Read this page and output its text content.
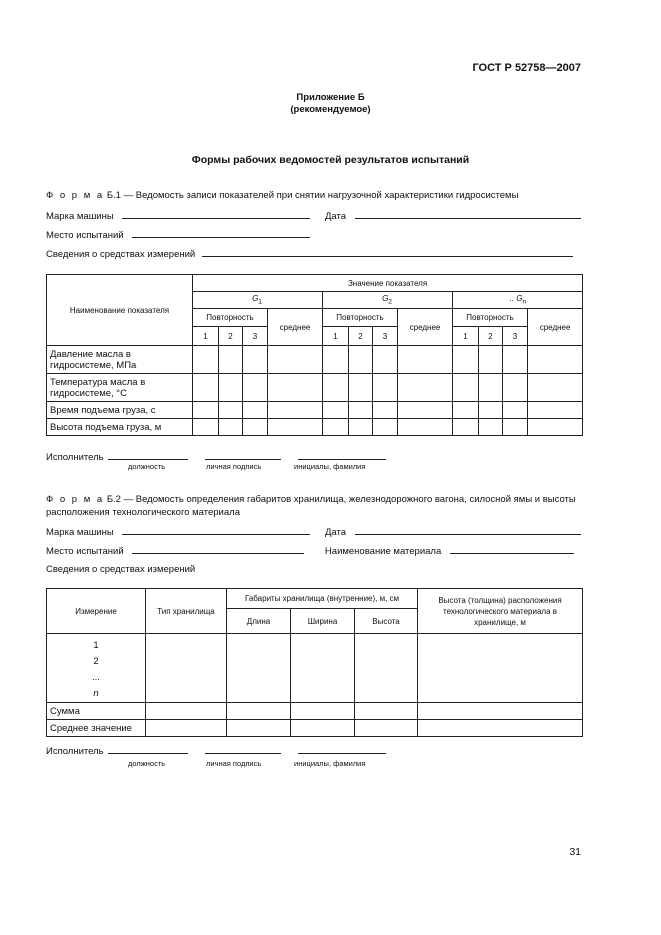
ГОСТ Р 52758—2007
Приложение Б
(рекомендуемое)
Формы рабочих ведомостей результатов испытаний
Ф о р м а Б.1 — Ведомость записи показателей при снятии нагрузочной характеристики гидросистемы
Марка машины	Дата
Место испытаний
Сведения о средствах измерений
Наименование показателя	Значение показателя											
	$G_1$				$G_2$				.. $G_n$
	Повторность			среднее	Повторность			среднее	Повторность			среднее
	1	2	3		1	2	3		1	2	3	
Давление масла в гидросистеме, МПа												
Температура масла в гидросистеме, °С												
Время подъема груза, с												
Высота подъема груза, м												
Исполнитель
должность	личная подпись	инициалы, фамилия
Ф о р м а Б.2 — Ведомость определения габаритов хранилища, железнодорожного вагона, силосной ямы и высоты расположения технологического материала
Марка машины	Дата
Место испытаний	Наименование материала
Сведения о средствах измерений
Измерение	Тип хранилища	Габариты хранилища (внутренние), м, см			Высота (толщина) расположения технологического материала в хранилище, м
		Длина	Ширина	Высота	

1
2
...
n					

Сумма					
Среднее значение					
Исполнитель
должность	личная подпись	инициалы, фамилия
31
